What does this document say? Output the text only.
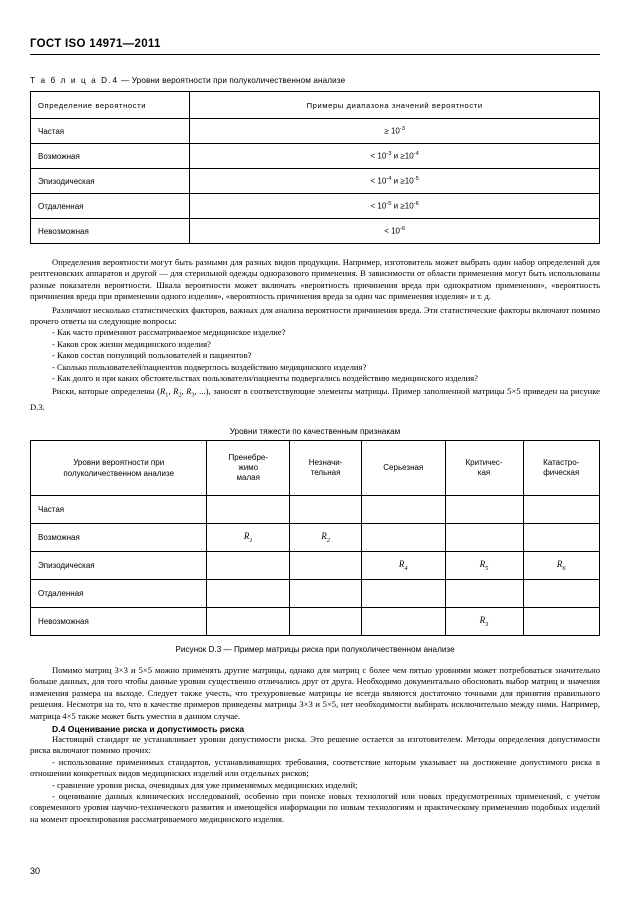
ГОСТ ISO 14971—2011
Т а б л и ц а D.4 — Уровни вероятности при полуколичественном анализе
Определение вероятности	Примеры диапазона значений вероятности
Частая	≥ $10^{-3}$
Возможная	< $10^{-3}$ $и \ge 10^{-4}$
Эпизодическая	< $10^{-4}$ $и \ge 10^{-5}$
Отдаленная	< $10^{-5}$ $и \ge 10^{-6}$
Невозможная	< $10^{-6}$

Определения вероятности могут быть разными для разных видов продукции. Например, изготовитель может выбрать один набор определений для рентгеновских аппаратов и другой — для стерильной одежды одноразового применения. В зависимости от области применения могут быть использованы разные показатели вероятности. Шкала вероятности может включать «вероятность причинения вреда при однократном применении», «вероятность причинения вреда при применении одного изделия», «вероятность причинения вреда за один час применения изделия» и т. д.

Различают несколько статистических факторов, важных для анализа вероятности причинения вреда. Эти статистические факторы включают помимо прочего ответы на следующие вопросы:

- Как часто применяют рассматриваемое медицинское изделие?
- Каков срок жизни медицинского изделия?
- Каков состав популяций пользователей и пациентов?
- Сколько пользователей/пациентов подверглось воздействию медицинского изделия?
- Как долго и при каких обстоятельствах пользователи/пациенты подвергались воздействию медицинского изделия?

Риски, которые определены ($R_1$, $R_2$, $R_3$, ...), заносят в соответствующие элементы матрицы. Пример заполненной матрицы 5×5 приведен на рисунке D.3.

Уровни тяжести по качественным признакам
Уровни вероятности при полуколичественном анализе	Пренебре-
жимо
малая	Незначи-
тельная	Серьезная	Критичес-
кая	Катастро-
фическая
Частая					
Возможная	$R_1$	$R_2$			
Эпизодическая			$R_4$	$R_5$	$R_6$
Отдаленная					
Невозможная				$R_3$	
Рисунок D.3 — Пример матрицы риска при полуколичественном анализе

Помимо матриц 3×3 и 5×5 можно применять другие матрицы, однако для матриц с более чем пятью уровнями может потребоваться значительно больше данных, для того чтобы данные уровни существенно отличались друг от друга. Необходимо документально обосновать выбор матриц и значения изменения размера на выходе. Следует также учесть, что трехуровневые матрицы не всегда являются достаточно точными для принятия правильного решения. Несмотря на то, что в качестве примеров приведены матрицы 3×3 и 5×5, нет необходимости выбирать исключительно между ними. Например, матрица 4×5 также может быть уместна в данном случае.

D.4 Оценивание риска и допустимость риска

Настоящий стандарт не устанавливает уровни допустимости риска. Это решение остается за изготовителем. Методы определения допустимости риска включают помимо прочих:

- использование применимых стандартов, устанавливающих требования, соответствие которым указывает на достижение допустимого риска в отношении конкретных видов медицинских изделий или отдельных рисков;
- сравнение уровня риска, очевидных для уже применяемых медицинских изделий;
- оценивание данных клинических исследований, особенно при поиске новых технологий или новых предусмотренных применений, с учетом современного уровня научно-технического развития и имеющейся информации по новым технологиям и практическому применению подобных изделий на момент проектирования рассматриваемого медицинского изделия.
30
